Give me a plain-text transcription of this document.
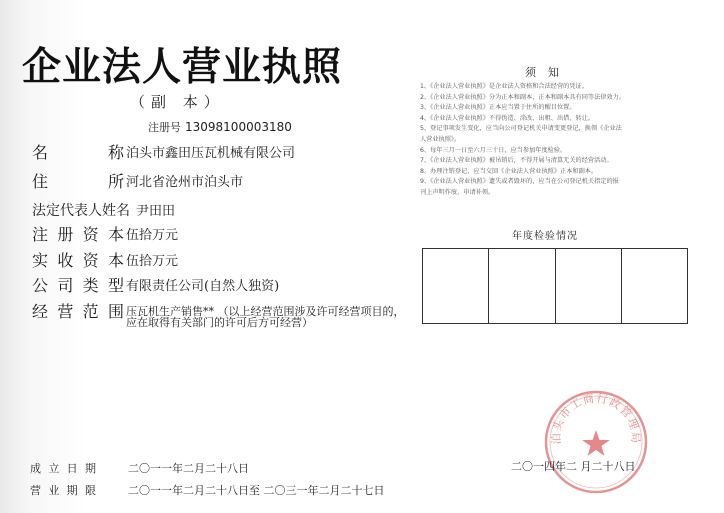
企业法人营业执照
（副 本）
注册号 13098100003180
名称 泊头市鑫田压瓦机械有限公司
住所 河北省沧州市泊头市
法定代表人姓名 尹田田
注册资本 伍拾万元
实收资本 伍拾万元
公司类型 有限责任公司(自然人独资)
经营范围 压瓦机生产销售** （以上经营范围涉及许可经营项目的，
应在取得有关部门的许可后方可经营）
成立日期	二〇一一年二月二十八日
营业期限	二〇一一年二月二十八日至 二〇三一年二月二十七日
须知
1、《企业法人营业执照》是企业法人资格和合法经营的凭证。
2、《企业法人营业执照》分为正本和副本，正本和副本具有同等法律效力。
3、《企业法人营业执照》正本应当置于住所的醒目位置。
4、《企业法人营业执照》不得伪造、涂改、出租、出借、转让。
5、登记事项发生变化，应当向公司登记机关申请变更登记，换领《企业法
人营业执照》。
6、每年三月一日至六月三十日，应当参加年度检验。
7、《企业法人营业执照》被吊销后，不得开展与清算无关的经营活动。
8、办理注销登记，应当交回《企业法人营业执照》正本和副本。
9、《企业法人营业执照》遗失或者毁坏的，应当在公司登记机关指定的报
刊上声明作废，申请补领。
年度检验情况
泊头市工商行政管理局
二〇一四年二 月二十八日
